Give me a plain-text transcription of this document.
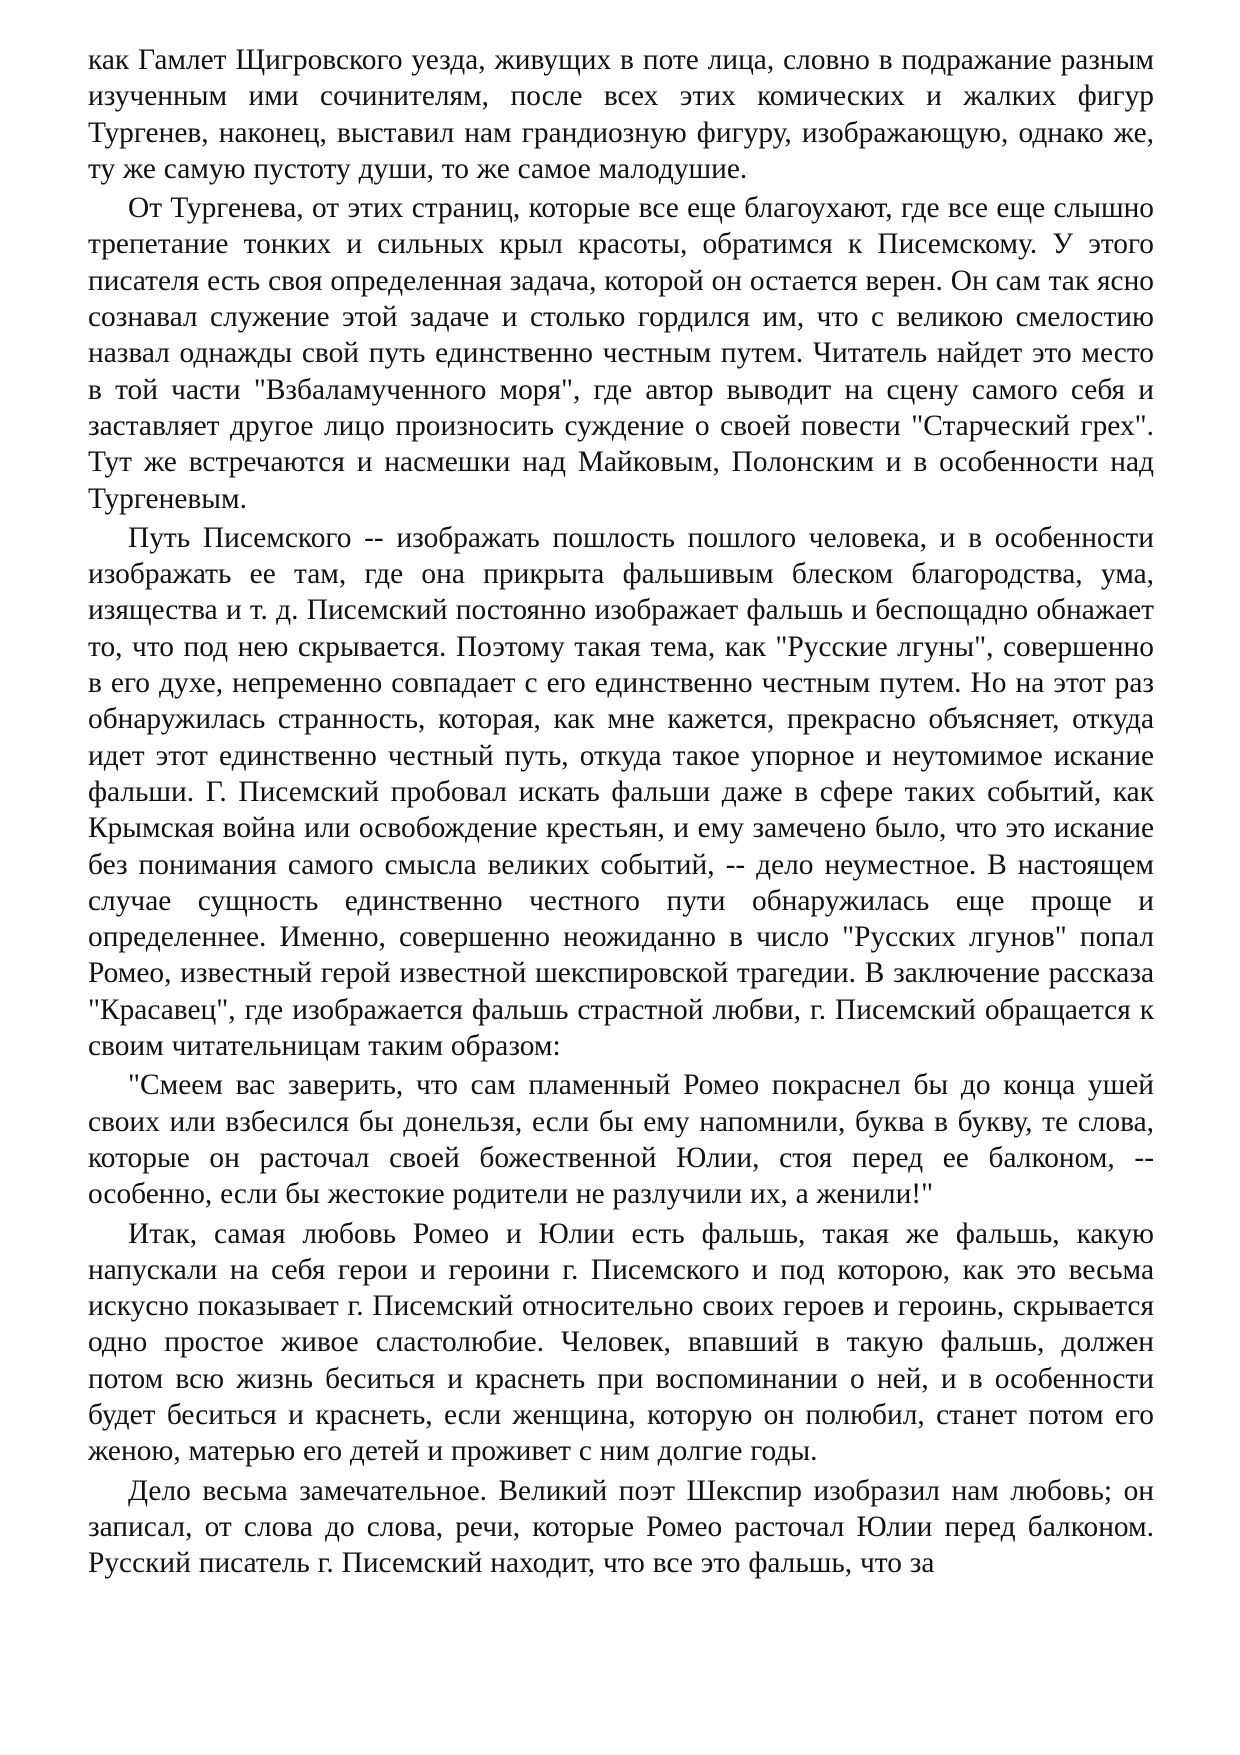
как Гамлет Щигровского уезда, живущих в поте лица, словно в подражание разным изученным ими сочинителям, после всех этих комических и жалких фигур Тургенев, наконец, выставил нам грандиозную фигуру, изображающую, однако же, ту же самую пустоту души, то же самое малодушие.

От Тургенева, от этих страниц, которые все еще благоухают, где все еще слышно трепетание тонких и сильных крыл красоты, обратимся к Писемскому. У этого писателя есть своя определенная задача, которой он остается верен. Он сам так ясно сознавал служение этой задаче и столько гордился им, что с великою смелостию назвал однажды свой путь единственно честным путем. Читатель найдет это место в той части "Взбаламученного моря", где автор выводит на сцену самого себя и заставляет другое лицо произносить суждение о своей повести "Старческий грех". Тут же встречаются и насмешки над Майковым, Полонским и в особенности над Тургеневым.

Путь Писемского -- изображать пошлость пошлого человека, и в особенности изображать ее там, где она прикрыта фальшивым блеском благородства, ума, изящества и т. д. Писемский постоянно изображает фальшь и беспощадно обнажает то, что под нею скрывается. Поэтому такая тема, как "Русские лгуны", совершенно в его духе, непременно совпадает с его единственно честным путем. Но на этот раз обнаружилась странность, которая, как мне кажется, прекрасно объясняет, откуда идет этот единственно честный путь, откуда такое упорное и неутомимое искание фальши. Г. Писемский пробовал искать фальши даже в сфере таких событий, как Крымская война или освобождение крестьян, и ему замечено было, что это искание без понимания самого смысла великих событий, -- дело неуместное. В настоящем случае сущность единственно честного пути обнаружилась еще проще и определеннее. Именно, совершенно неожиданно в число "Русских лгунов" попал Ромео, известный герой известной шекспировской трагедии. В заключение рассказа "Красавец", где изображается фальшь страстной любви, г. Писемский обращается к своим читательницам таким образом:

"Смеем вас заверить, что сам пламенный Ромео покраснел бы до конца ушей своих или взбесился бы донельзя, если бы ему напомнили, буква в букву, те слова, которые он расточал своей божественной Юлии, стоя перед ее балконом, -- особенно, если бы жестокие родители не разлучили их, а женили!"

Итак, самая любовь Ромео и Юлии есть фальшь, такая же фальшь, какую напускали на себя герои и героини г. Писемского и под которою, как это весьма искусно показывает г. Писемский относительно своих героев и героинь, скрывается одно простое живое сластолюбие. Человек, впавший в такую фальшь, должен потом всю жизнь беситься и краснеть при воспоминании о ней, и в особенности будет беситься и краснеть, если женщина, которую он полюбил, станет потом его женою, матерью его детей и проживет с ним долгие годы.

Дело весьма замечательное. Великий поэт Шекспир изобразил нам любовь; он записал, от слова до слова, речи, которые Ромео расточал Юлии перед балконом. Русский писатель г. Писемский находит, что все это фальшь, что за
